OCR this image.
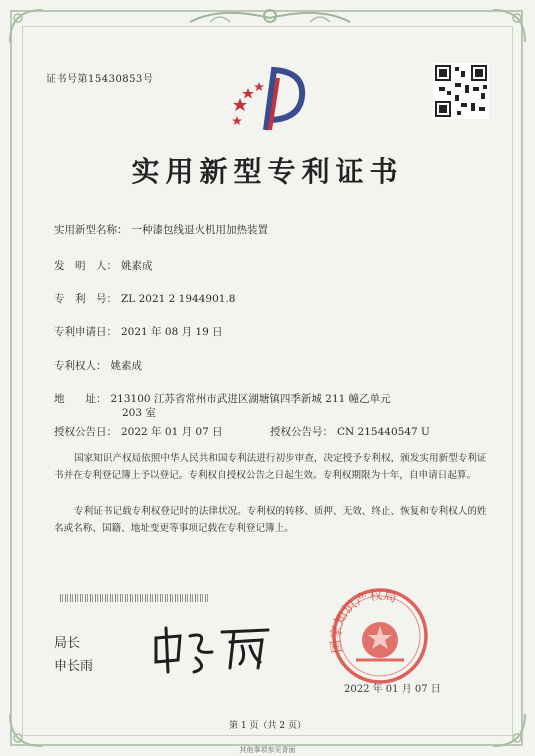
证书号第15430853号
实用新型专利证书
实用新型名称： 一种漆包线退火机用加热装置
发　明　人： 姚素成
专　利　号： ZL 2021 2 1944901.8
专利申请日： 2021 年 08 月 19 日
专利权人： 姚素成
地　　址： 213100 江苏省常州市武进区湖塘镇四季新城 211 幢乙单元
203 室
授权公告日： 2022 年 01 月 07 日	授权公告号： CN 215440547 U
国家知识产权局依照中华人民共和国专利法进行初步审查，决定授予专利权，颁发实用新型专利证书并在专利登记簿上予以登记。专利权自授权公告之日起生效。专利权期限为十年，自申请日起算。
专利证书记载专利权登记时的法律状况。专利权的转移、质押、无效、终止、恢复和专利权人的姓名或名称、国籍、地址变更等事项记载在专利登记簿上。
局长
申长雨
国家知识产权局
2022 年 01 月 07 日
第 1 页（共 2 页）
其他事项参见背面
